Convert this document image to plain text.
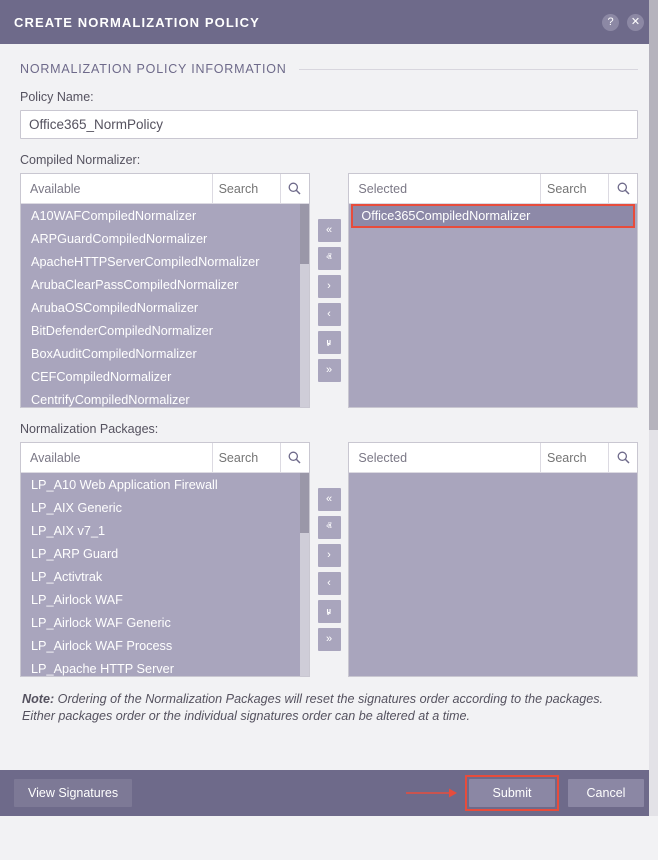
CREATE NORMALIZATION POLICY	?	✕
NORMALIZATION POLICY INFORMATION
Policy Name:
Office365_NormPolicy
Compiled Normalizer:
Available
Search
A10WAFCompiledNormalizer
ARPGuardCompiledNormalizer
ApacheHTTPServerCompiledNormalizer
ArubaClearPassCompiledNormalizer
ArubaOSCompiledNormalizer
BitDefenderCompiledNormalizer
BoxAuditCompiledNormalizer
CEFCompiledNormalizer
CentrifyCompiledNormalizer
«
ⱏ
›
‹
ⱟ
»
Selected
Search
Office365CompiledNormalizer
Normalization Packages:
Available
Search
LP_A10 Web Application Firewall
LP_AIX Generic
LP_AIX v7_1
LP_ARP Guard
LP_Activtrak
LP_Airlock WAF
LP_Airlock WAF Generic
LP_Airlock WAF Process
LP_Apache HTTP Server
«
ⱏ
›
‹
ⱟ
»
Selected
Search
Note: Ordering of the Normalization Packages will reset the signatures order according to the packages. Either packages order or the individual signatures order can be altered at a time.
View Signatures	Submit	Cancel
